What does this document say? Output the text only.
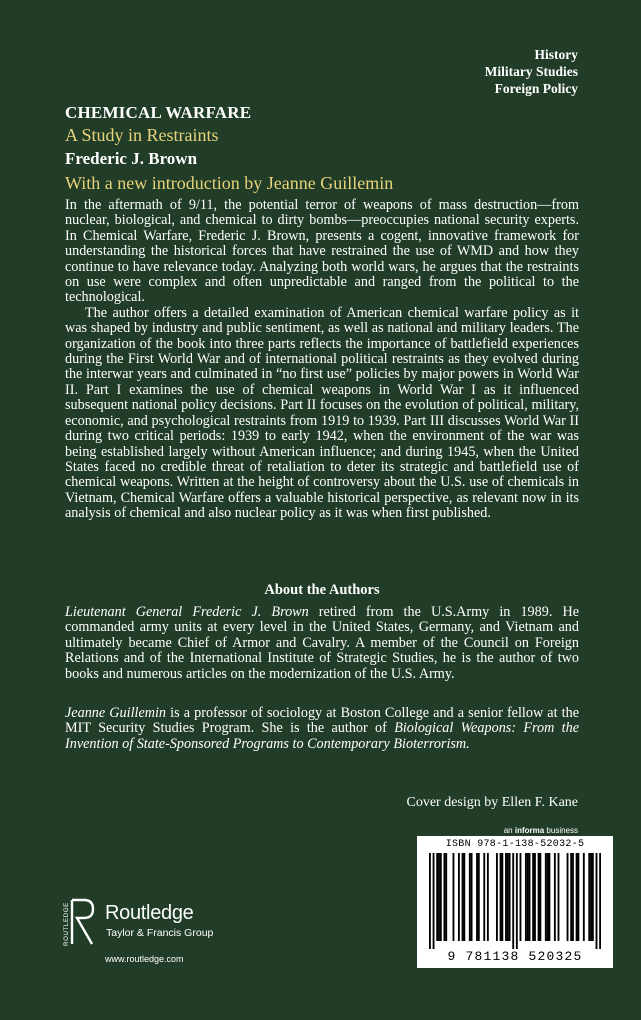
History
Military Studies
Foreign Policy
CHEMICAL WARFARE
A Study in Restraints
Frederic J. Brown
With a new introduction by Jeanne Guillemin

In the aftermath of 9/11, the potential terror of weapons of mass destruction—from nuclear, biological, and chemical to dirty bombs—preoccupies national security experts. In Chemical Warfare, Frederic J. Brown, presents a cogent, innovative framework for understanding the historical forces that have restrained the use of WMD and how they continue to have relevance today. Analyzing both world wars, he argues that the restraints on use were complex and often unpredictable and ranged from the political to the technological.

The author offers a detailed examination of American chemical warfare policy as it was shaped by industry and public sentiment, as well as national and military leaders. The organization of the book into three parts reflects the importance of battlefield experiences during the First World War and of international political restraints as they evolved during the interwar years and culminated in “no first use” policies by major powers in World War II. Part I examines the use of chemical weapons in World War I as it influenced subsequent national policy decisions. Part II focuses on the evolution of political, military, economic, and psychological restraints from 1919 to 1939. Part III discusses World War II during two critical periods: 1939 to early 1942, when the environment of the war was being established largely without American influence; and during 1945, when the United States faced no credible threat of retaliation to deter its strategic and battlefield use of chemical weapons. Written at the height of controversy about the U.S. use of chemicals in Vietnam, Chemical Warfare offers a valuable historical perspective, as relevant now in its analysis of chemical and also nuclear policy as it was when first published.

About the Authors

Lieutenant General Frederic J. Brown retired from the U.S.Army in 1989. He commanded army units at every level in the United States, Germany, and Vietnam and ultimately became Chief of Armor and Cavalry. A member of the Council on Foreign Relations and of the International Institute of Strategic Studies, he is the author of two books and numerous articles on the modernization of the U.S. Army.

Jeanne Guillemin is a professor of sociology at Boston College and a senior fellow at the MIT Security Studies Program. She is the author of Biological Weapons: From the Invention of State-Sponsored Programs to Contemporary Bioterrorism.

Cover design by Ellen F. Kane
an informa business
ISBN 978-1-138-52032-5
9 781138 520325
ROUTLEDGE Routledge
Taylor & Francis Group
www.routledge.com
